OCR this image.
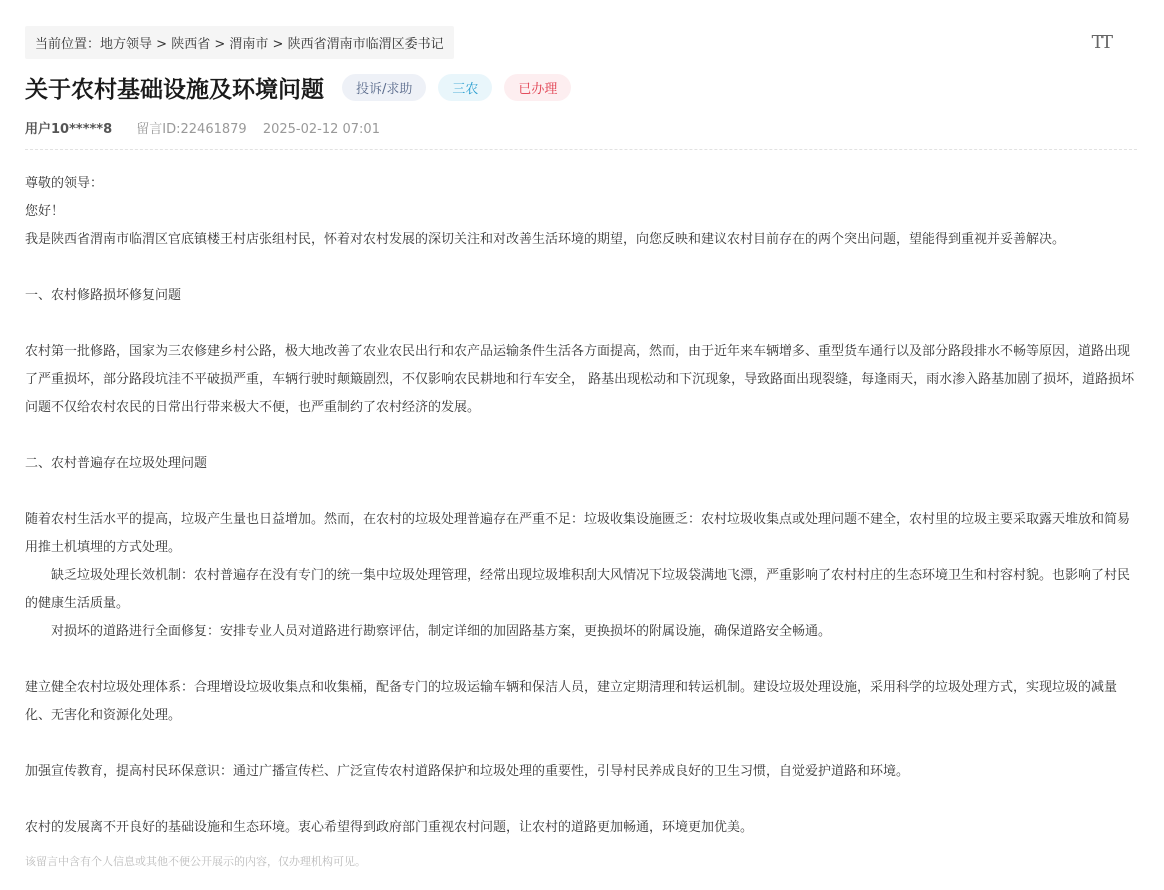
TT
当前位置：地方领导 > 陕西省 > 渭南市 > 陕西省渭南市临渭区委书记
关于农村基础设施及环境问题	投诉/求助	三农	已办理
用户10*****8 留言ID:22461879 2025-02-12 07:01

尊敬的领导：

您好！

我是陕西省渭南市临渭区官底镇楼王村店张组村民，怀着对农村发展的深切关注和对改善生活环境的期望，向您反映和建议农村目前存在的两个突出问题，望能得到重视并妥善解决。

一、农村修路损坏修复问题

农村第一批修路，国家为三农修建乡村公路，极大地改善了农业农民出行和农产品运输条件生活各方面提高，然而，由于近年来车辆增多、重型货车通行以及部分路段排水不畅等原因，道路出现了严重损坏，部分路段坑洼不平破损严重，车辆行驶时颠簸剧烈，不仅影响农民耕地和行车安全， 路基出现松动和下沉现象，导致路面出现裂缝，每逢雨天，雨水渗入路基加剧了损坏，道路损坏问题不仅给农村农民的日常出行带来极大不便，也严重制约了农村经济的发展。

二、农村普遍存在垃圾处理问题

随着农村生活水平的提高，垃圾产生量也日益增加。然而，在农村的垃圾处理普遍存在严重不足：垃圾收集设施匮乏：农村垃圾收集点或处理问题不建全，农村里的垃圾主要采取露天堆放和简易用推土机填埋的方式处理。

缺乏垃圾处理长效机制：农村普遍存在没有专门的统一集中垃圾处理管理，经常出现垃圾堆积刮大风情况下垃圾袋满地飞漂，严重影响了农村村庄的生态环境卫生和村容村貌。也影响了村民的健康生活质量。

对损坏的道路进行全面修复：安排专业人员对道路进行勘察评估，制定详细的加固路基方案，更换损坏的附属设施，确保道路安全畅通。

建立健全农村垃圾处理体系：合理增设垃圾收集点和收集桶，配备专门的垃圾运输车辆和保洁人员，建立定期清理和转运机制。建设垃圾处理设施，采用科学的垃圾处理方式，实现垃圾的减量化、无害化和资源化处理。

加强宣传教育，提高村民环保意识：通过广播宣传栏、广泛宣传农村道路保护和垃圾处理的重要性，引导村民养成良好的卫生习惯，自觉爱护道路和环境。

农村的发展离不开良好的基础设施和生态环境。衷心希望得到政府部门重视农村问题，让农村的道路更加畅通，环境更加优美。

该留言中含有个人信息或其他不便公开展示的内容，仅办理机构可见。
